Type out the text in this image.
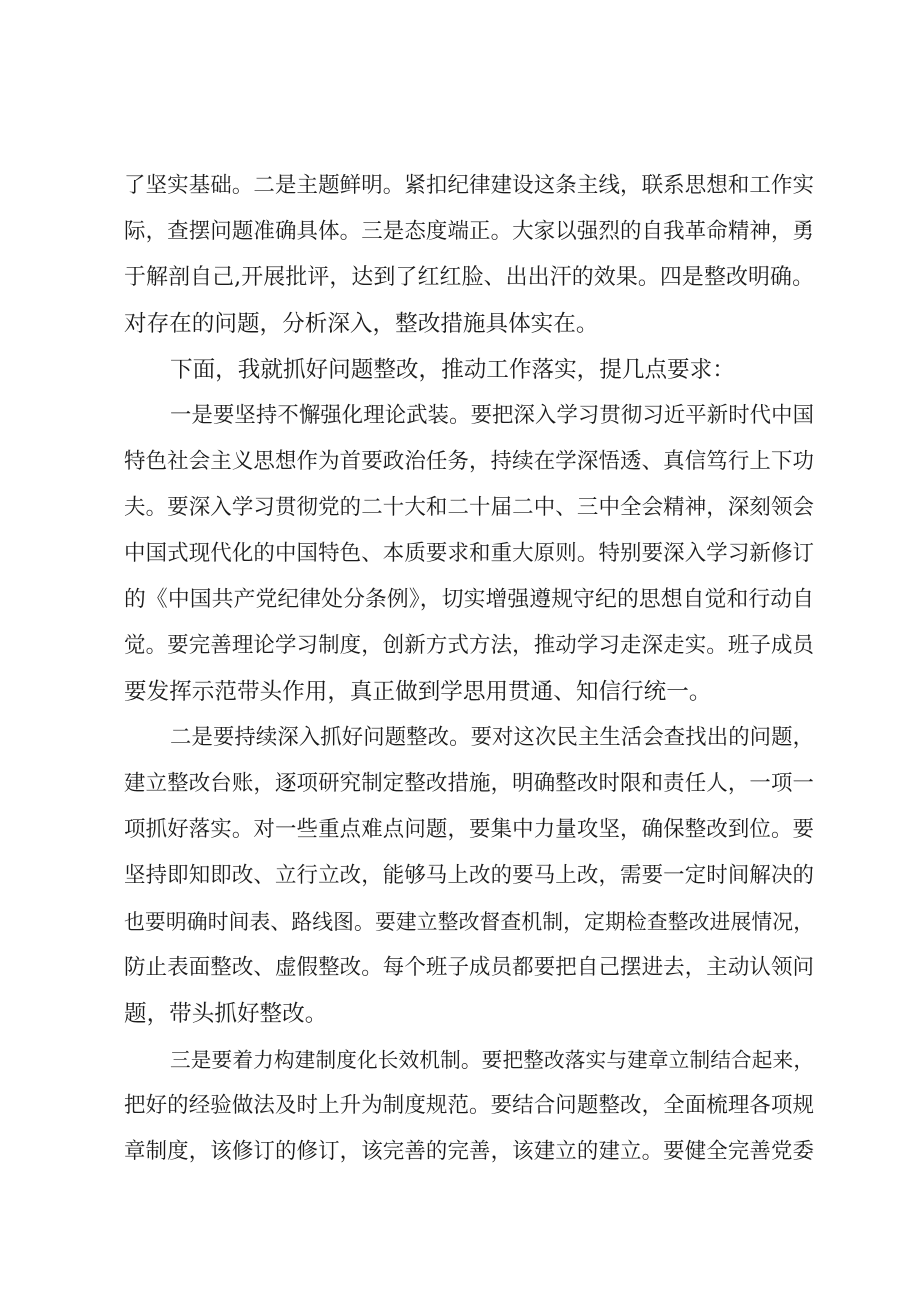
了坚实基础。二是主题鲜明。紧扣纪律建设这条主线，联系思想和工作实
际，查摆问题准确具体。三是态度端正。大家以强烈的自我革命精神，勇
于解剖自己,开展批评，达到了红红脸、出出汗的效果。四是整改明确。
对存在的问题，分析深入，整改措施具体实在。
下面，我就抓好问题整改，推动工作落实，提几点要求：
一是要坚持不懈强化理论武装。要把深入学习贯彻习近平新时代中国
特色社会主义思想作为首要政治任务，持续在学深悟透、真信笃行上下功
夫。要深入学习贯彻党的二十大和二十届二中、三中全会精神，深刻领会
中国式现代化的中国特色、本质要求和重大原则。特别要深入学习新修订
的《中国共产党纪律处分条例》，切实增强遵规守纪的思想自觉和行动自
觉。要完善理论学习制度，创新方式方法，推动学习走深走实。班子成员
要发挥示范带头作用，真正做到学思用贯通、知信行统一。
二是要持续深入抓好问题整改。要对这次民主生活会查找出的问题，
建立整改台账，逐项研究制定整改措施，明确整改时限和责任人，一项一
项抓好落实。对一些重点难点问题，要集中力量攻坚，确保整改到位。要
坚持即知即改、立行立改，能够马上改的要马上改，需要一定时间解决的
也要明确时间表、路线图。要建立整改督查机制，定期检查整改进展情况，
防止表面整改、虚假整改。每个班子成员都要把自己摆进去，主动认领问
题，带头抓好整改。
三是要着力构建制度化长效机制。要把整改落实与建章立制结合起来，
把好的经验做法及时上升为制度规范。要结合问题整改，全面梳理各项规
章制度，该修订的修订，该完善的完善，该建立的建立。要健全完善党委
